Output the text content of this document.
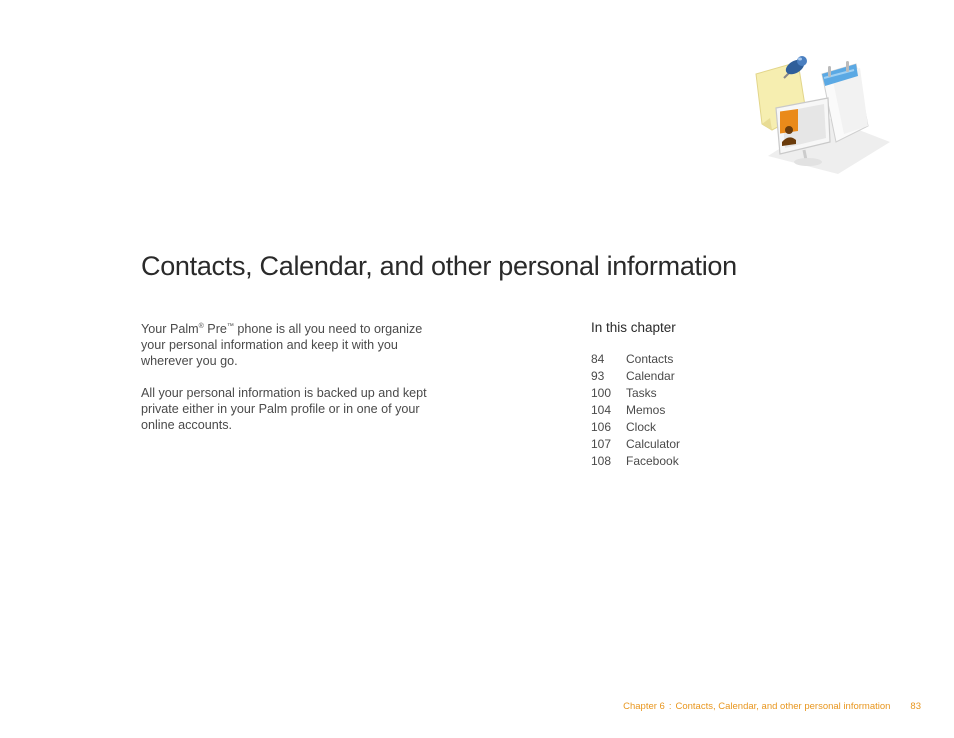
Contacts, Calendar, and other personal information

Your Palm® Pre™ phone is all you need to organize your personal information and keep it with you wherever you go.

All your personal information is backed up and kept private either in your Palm profile or in one of your online accounts.

In this chapter
84	Contacts
93	Calendar
100	Tasks
104	Memos
106	Clock
107	Calculator
108	Facebook
Chapter 6 : Contacts, Calendar, and other personal information 83
